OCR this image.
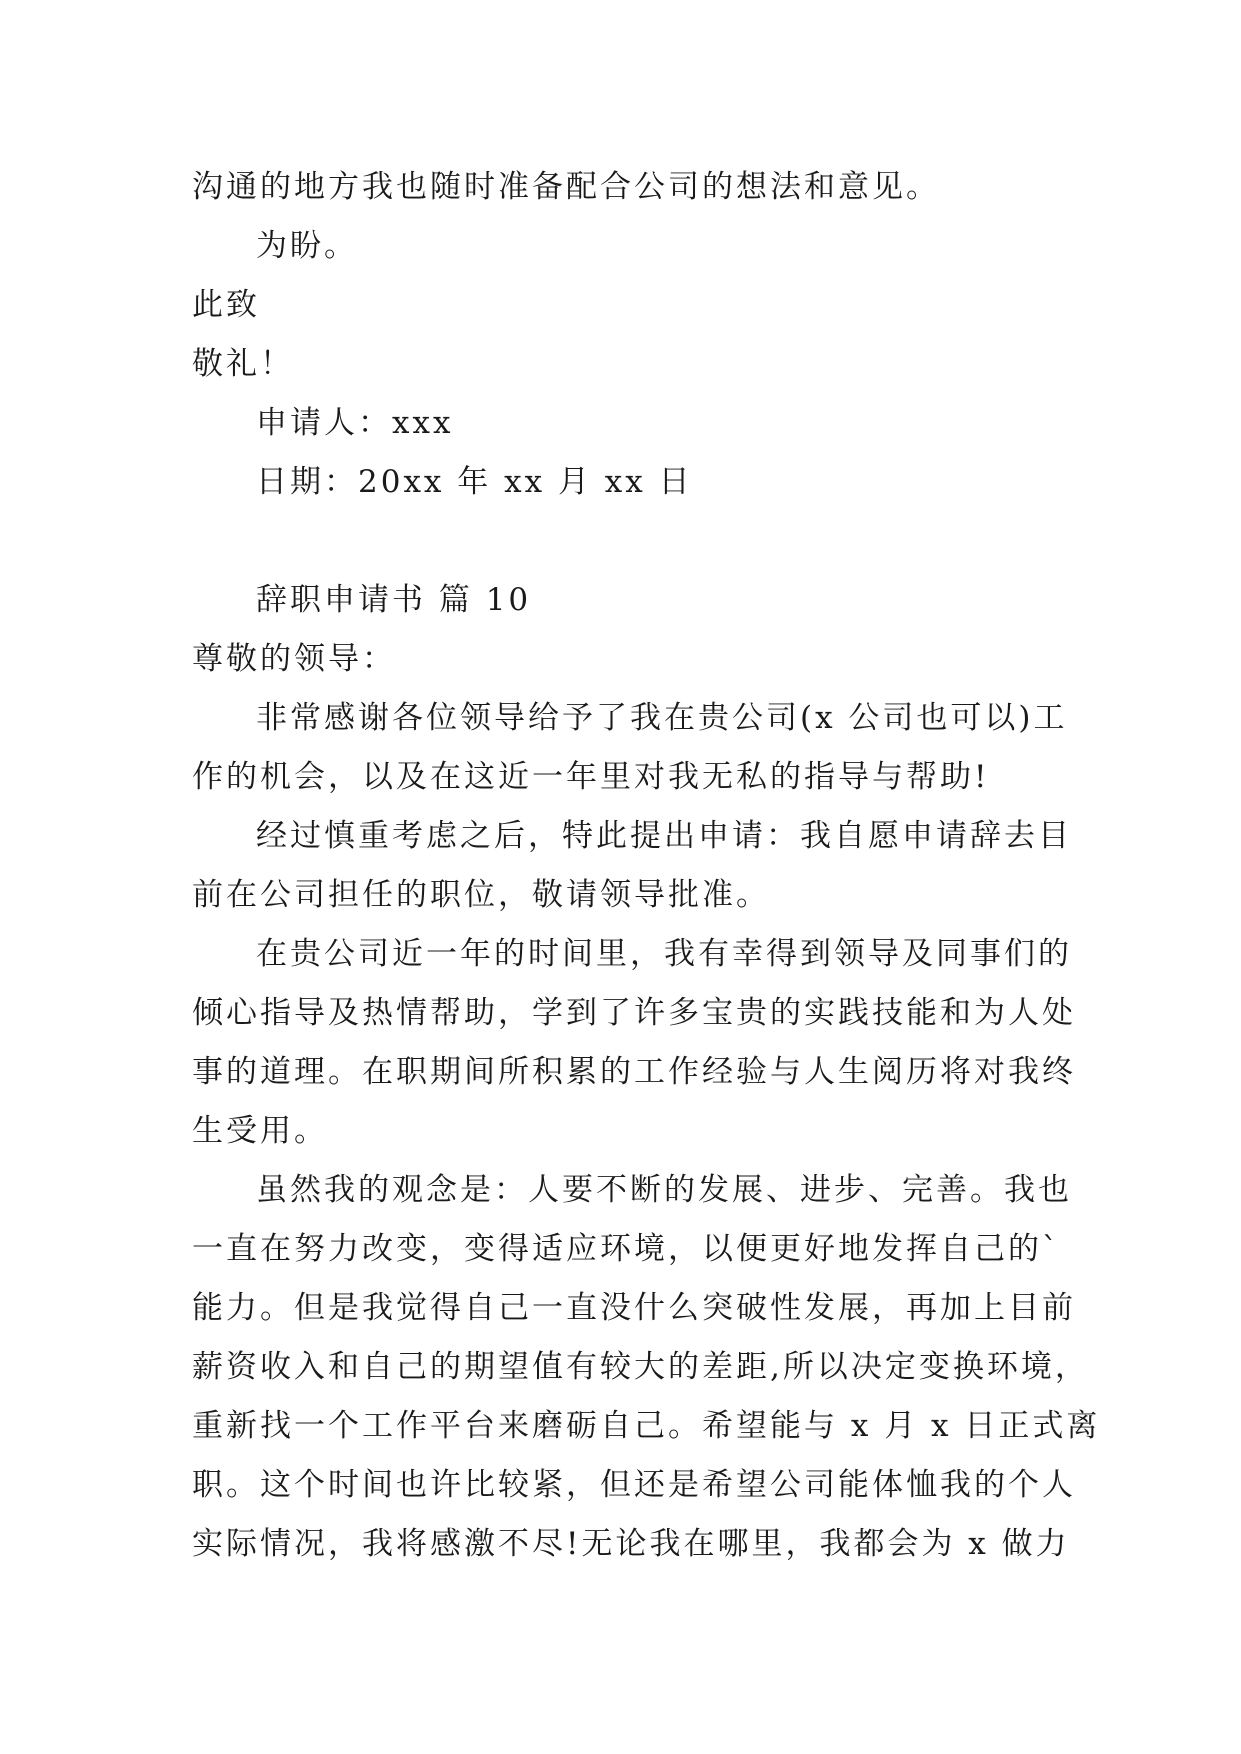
沟通的地方我也随时准备配合公司的想法和意见。
为盼。
此致
敬礼！
申请人：xxx
日期：20xx 年 xx 月 xx 日
辞职申请书 篇 10
尊敬的领导：
非常感谢各位领导给予了我在贵公司(x 公司也可以)工
作的机会，以及在这近一年里对我无私的指导与帮助!
经过慎重考虑之后，特此提出申请：我自愿申请辞去目
前在公司担任的职位，敬请领导批准。
在贵公司近一年的时间里，我有幸得到领导及同事们的
倾心指导及热情帮助，学到了许多宝贵的实践技能和为人处
事的道理。在职期间所积累的工作经验与人生阅历将对我终
生受用。
虽然我的观念是：人要不断的发展、进步、完善。我也
一直在努力改变，变得适应环境，以便更好地发挥自己的`
能力。但是我觉得自己一直没什么突破性发展，再加上目前
薪资收入和自己的期望值有较大的差距,所以决定变换环境，
重新找一个工作平台来磨砺自己。希望能与 x 月 x 日正式离
职。这个时间也许比较紧，但还是希望公司能体恤我的个人
实际情况，我将感激不尽!无论我在哪里，我都会为 x 做力
